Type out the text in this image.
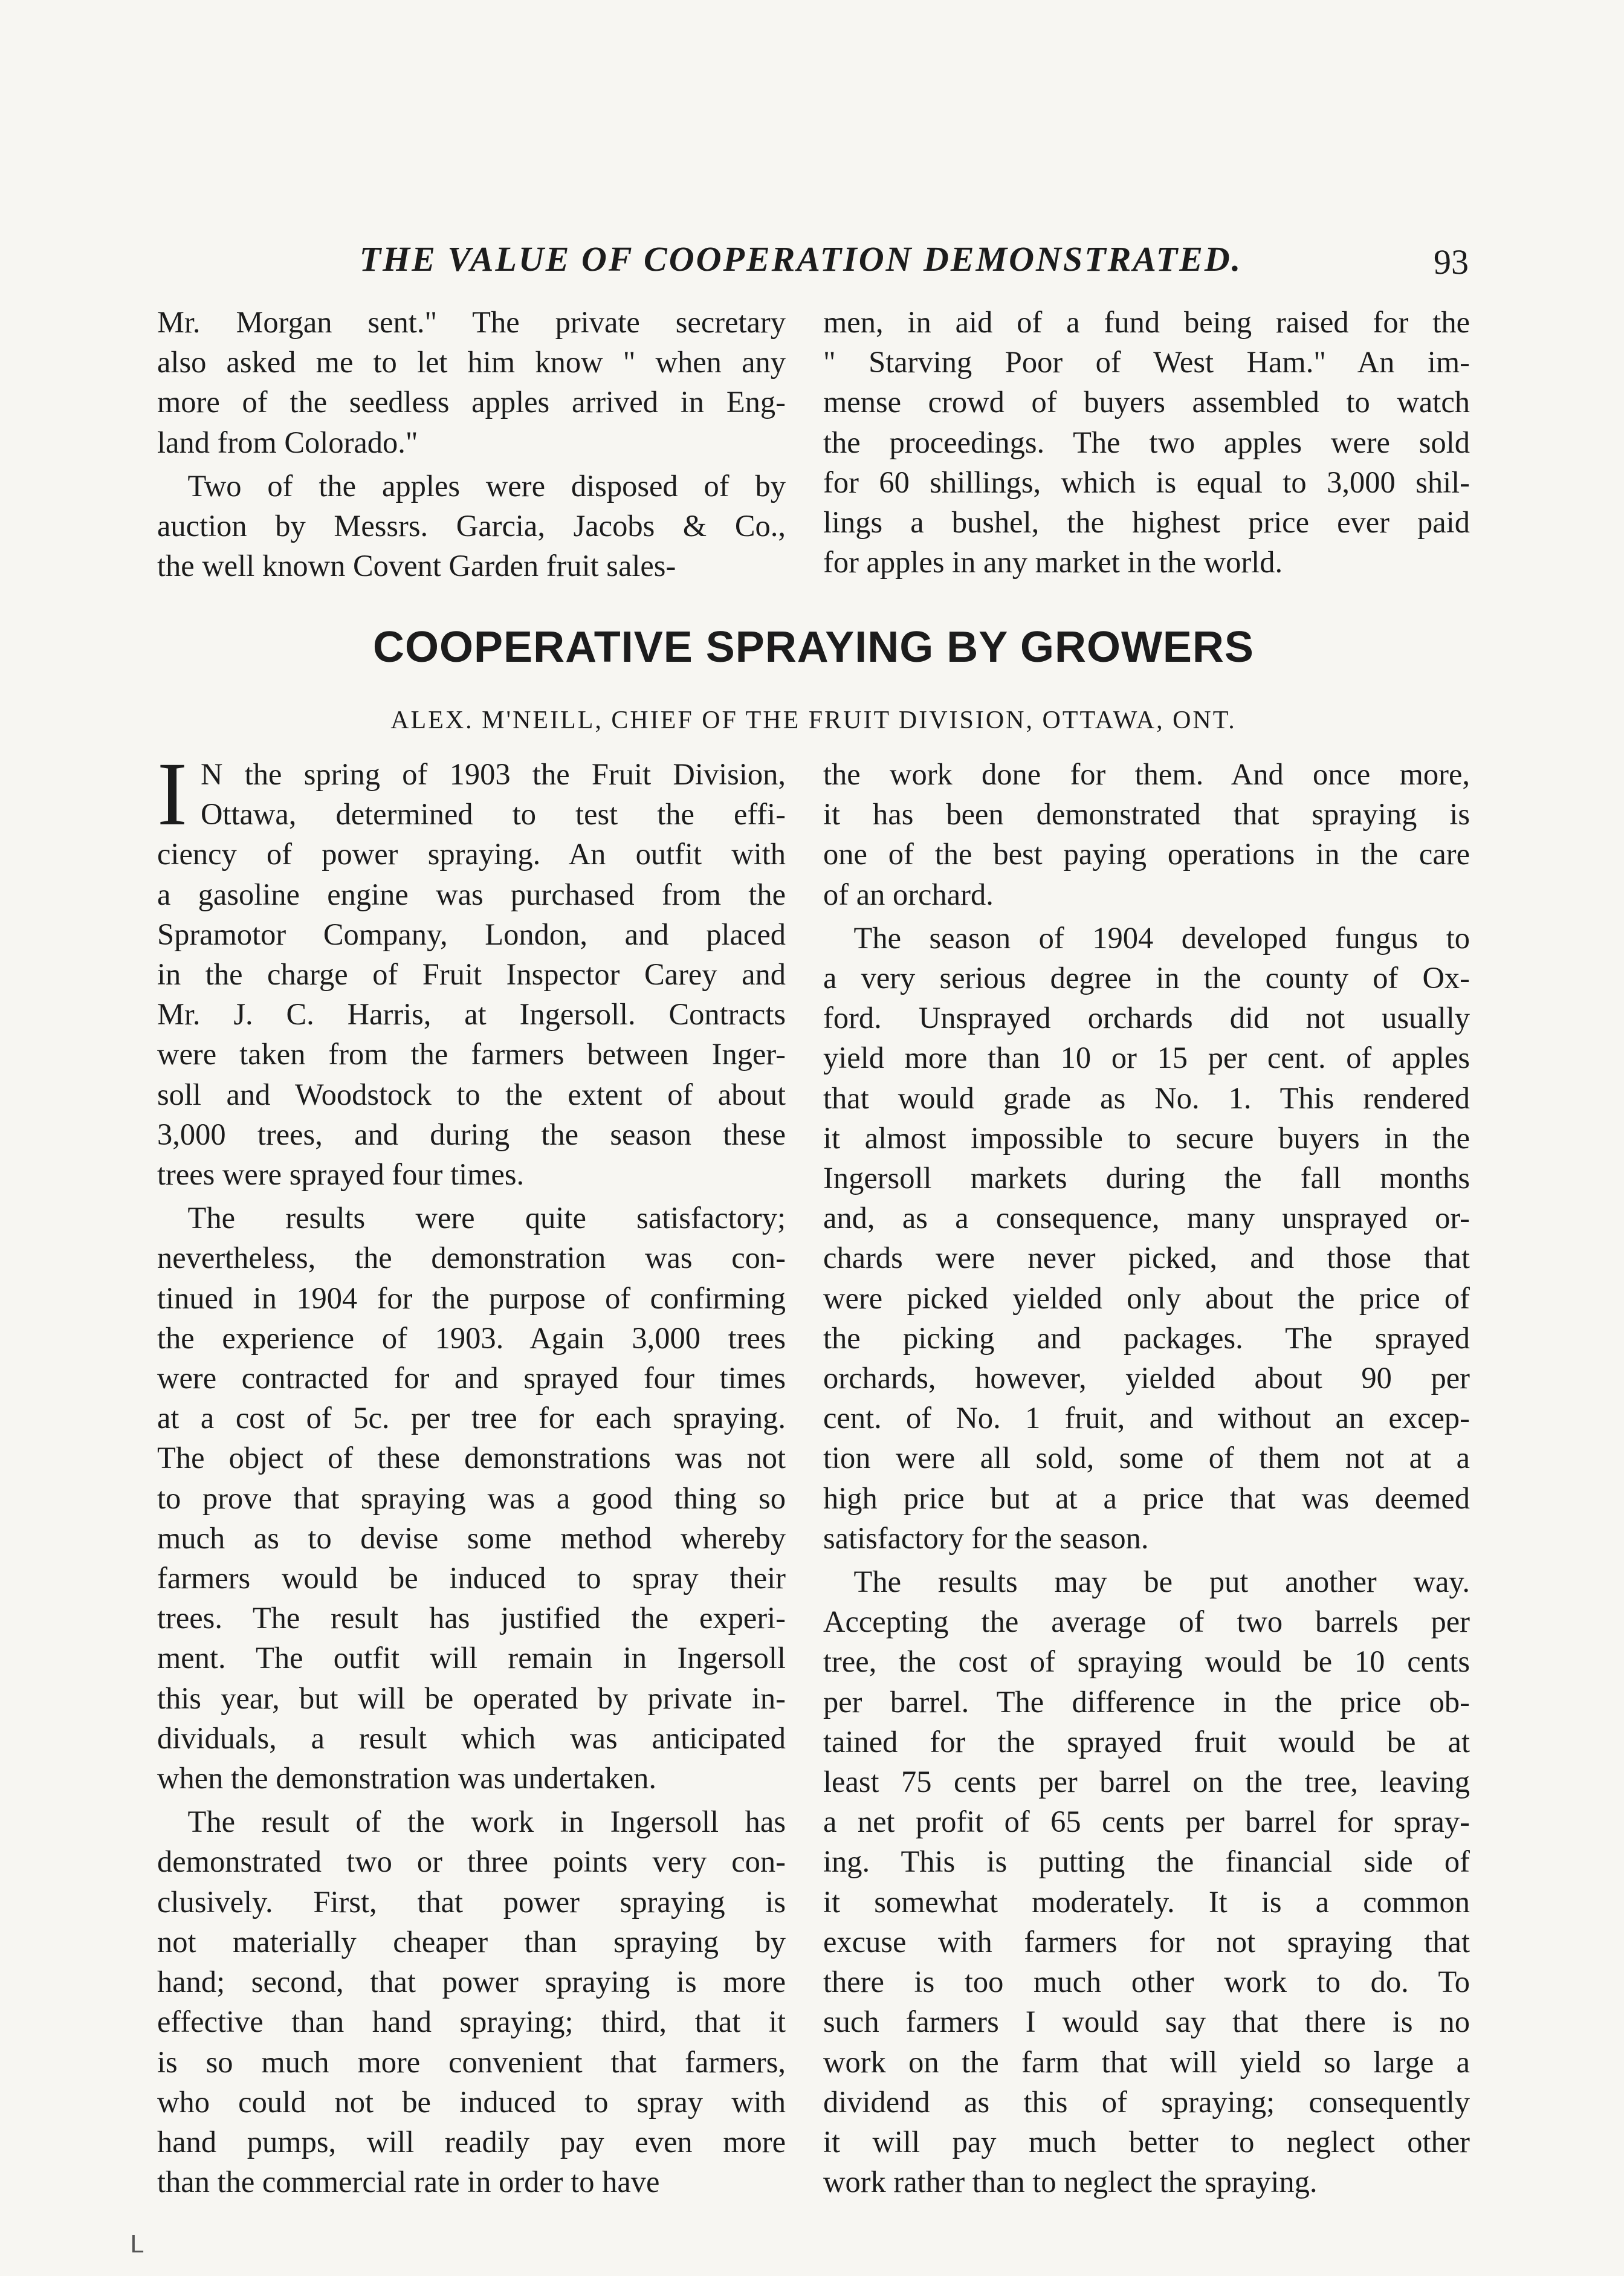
THE VALUE OF COOPERATION DEMONSTRATED.	93

Mr. Morgan sent." The private secretary
also asked me to let him know " when any
more of the seedless apples arrived in Eng-
land from Colorado."

 Two of the apples were disposed of by
auction by Messrs. Garcia, Jacobs & Co.,
the well known Covent Garden fruit sales-

men, in aid of a fund being raised for the
" Starving Poor of West Ham." An im-
mense crowd of buyers assembled to watch
the proceedings. The two apples were sold
for 60 shillings, which is equal to 3,000 shil-
lings a bushel, the highest price ever paid
for apples in any market in the world.

COOPERATIVE SPRAYING BY GROWERS
ALEX. M'NEILL, CHIEF OF THE FRUIT DIVISION, OTTAWA, ONT.

I N the spring of 1903 the Fruit Division,
Ottawa, determined to test the effi-
ciency of power spraying. An outfit with
a gasoline engine was purchased from the
Spramotor Company, London, and placed
in the charge of Fruit Inspector Carey and
Mr. J. C. Harris, at Ingersoll. Contracts
were taken from the farmers between Inger-
soll and Woodstock to the extent of about
3,000 trees, and during the season these
trees were sprayed four times.

 The results were quite satisfactory;
nevertheless, the demonstration was con-
tinued in 1904 for the purpose of confirming
the experience of 1903. Again 3,000 trees
were contracted for and sprayed four times
at a cost of 5c. per tree for each spraying.
The object of these demonstrations was not
to prove that spraying was a good thing so
much as to devise some method whereby
farmers would be induced to spray their
trees. The result has justified the experi-
ment. The outfit will remain in Ingersoll
this year, but will be operated by private in-
dividuals, a result which was anticipated
when the demonstration was undertaken.

 The result of the work in Ingersoll has
demonstrated two or three points very con-
clusively. First, that power spraying is
not materially cheaper than spraying by
hand; second, that power spraying is more
effective than hand spraying; third, that it
is so much more convenient that farmers,
who could not be induced to spray with
hand pumps, will readily pay even more
than the commercial rate in order to have

the work done for them. And once more,
it has been demonstrated that spraying is
one of the best paying operations in the care
of an orchard.

 The season of 1904 developed fungus to
a very serious degree in the county of Ox-
ford. Unsprayed orchards did not usually
yield more than 10 or 15 per cent. of apples
that would grade as No. 1. This rendered
it almost impossible to secure buyers in the
Ingersoll markets during the fall months
and, as a consequence, many unsprayed or-
chards were never picked, and those that
were picked yielded only about the price of
the picking and packages. The sprayed
orchards, however, yielded about 90 per
cent. of No. 1 fruit, and without an excep-
tion were all sold, some of them not at a
high price but at a price that was deemed
satisfactory for the season.

 The results may be put another way.
Accepting the average of two barrels per
tree, the cost of spraying would be 10 cents
per barrel. The difference in the price ob-
tained for the sprayed fruit would be at
least 75 cents per barrel on the tree, leaving
a net profit of 65 cents per barrel for spray-
ing. This is putting the financial side of
it somewhat moderately. It is a common
excuse with farmers for not spraying that
there is too much other work to do. To
such farmers I would say that there is no
work on the farm that will yield so large a
dividend as this of spraying; consequently
it will pay much better to neglect other
work rather than to neglect the spraying.

ᒪ
